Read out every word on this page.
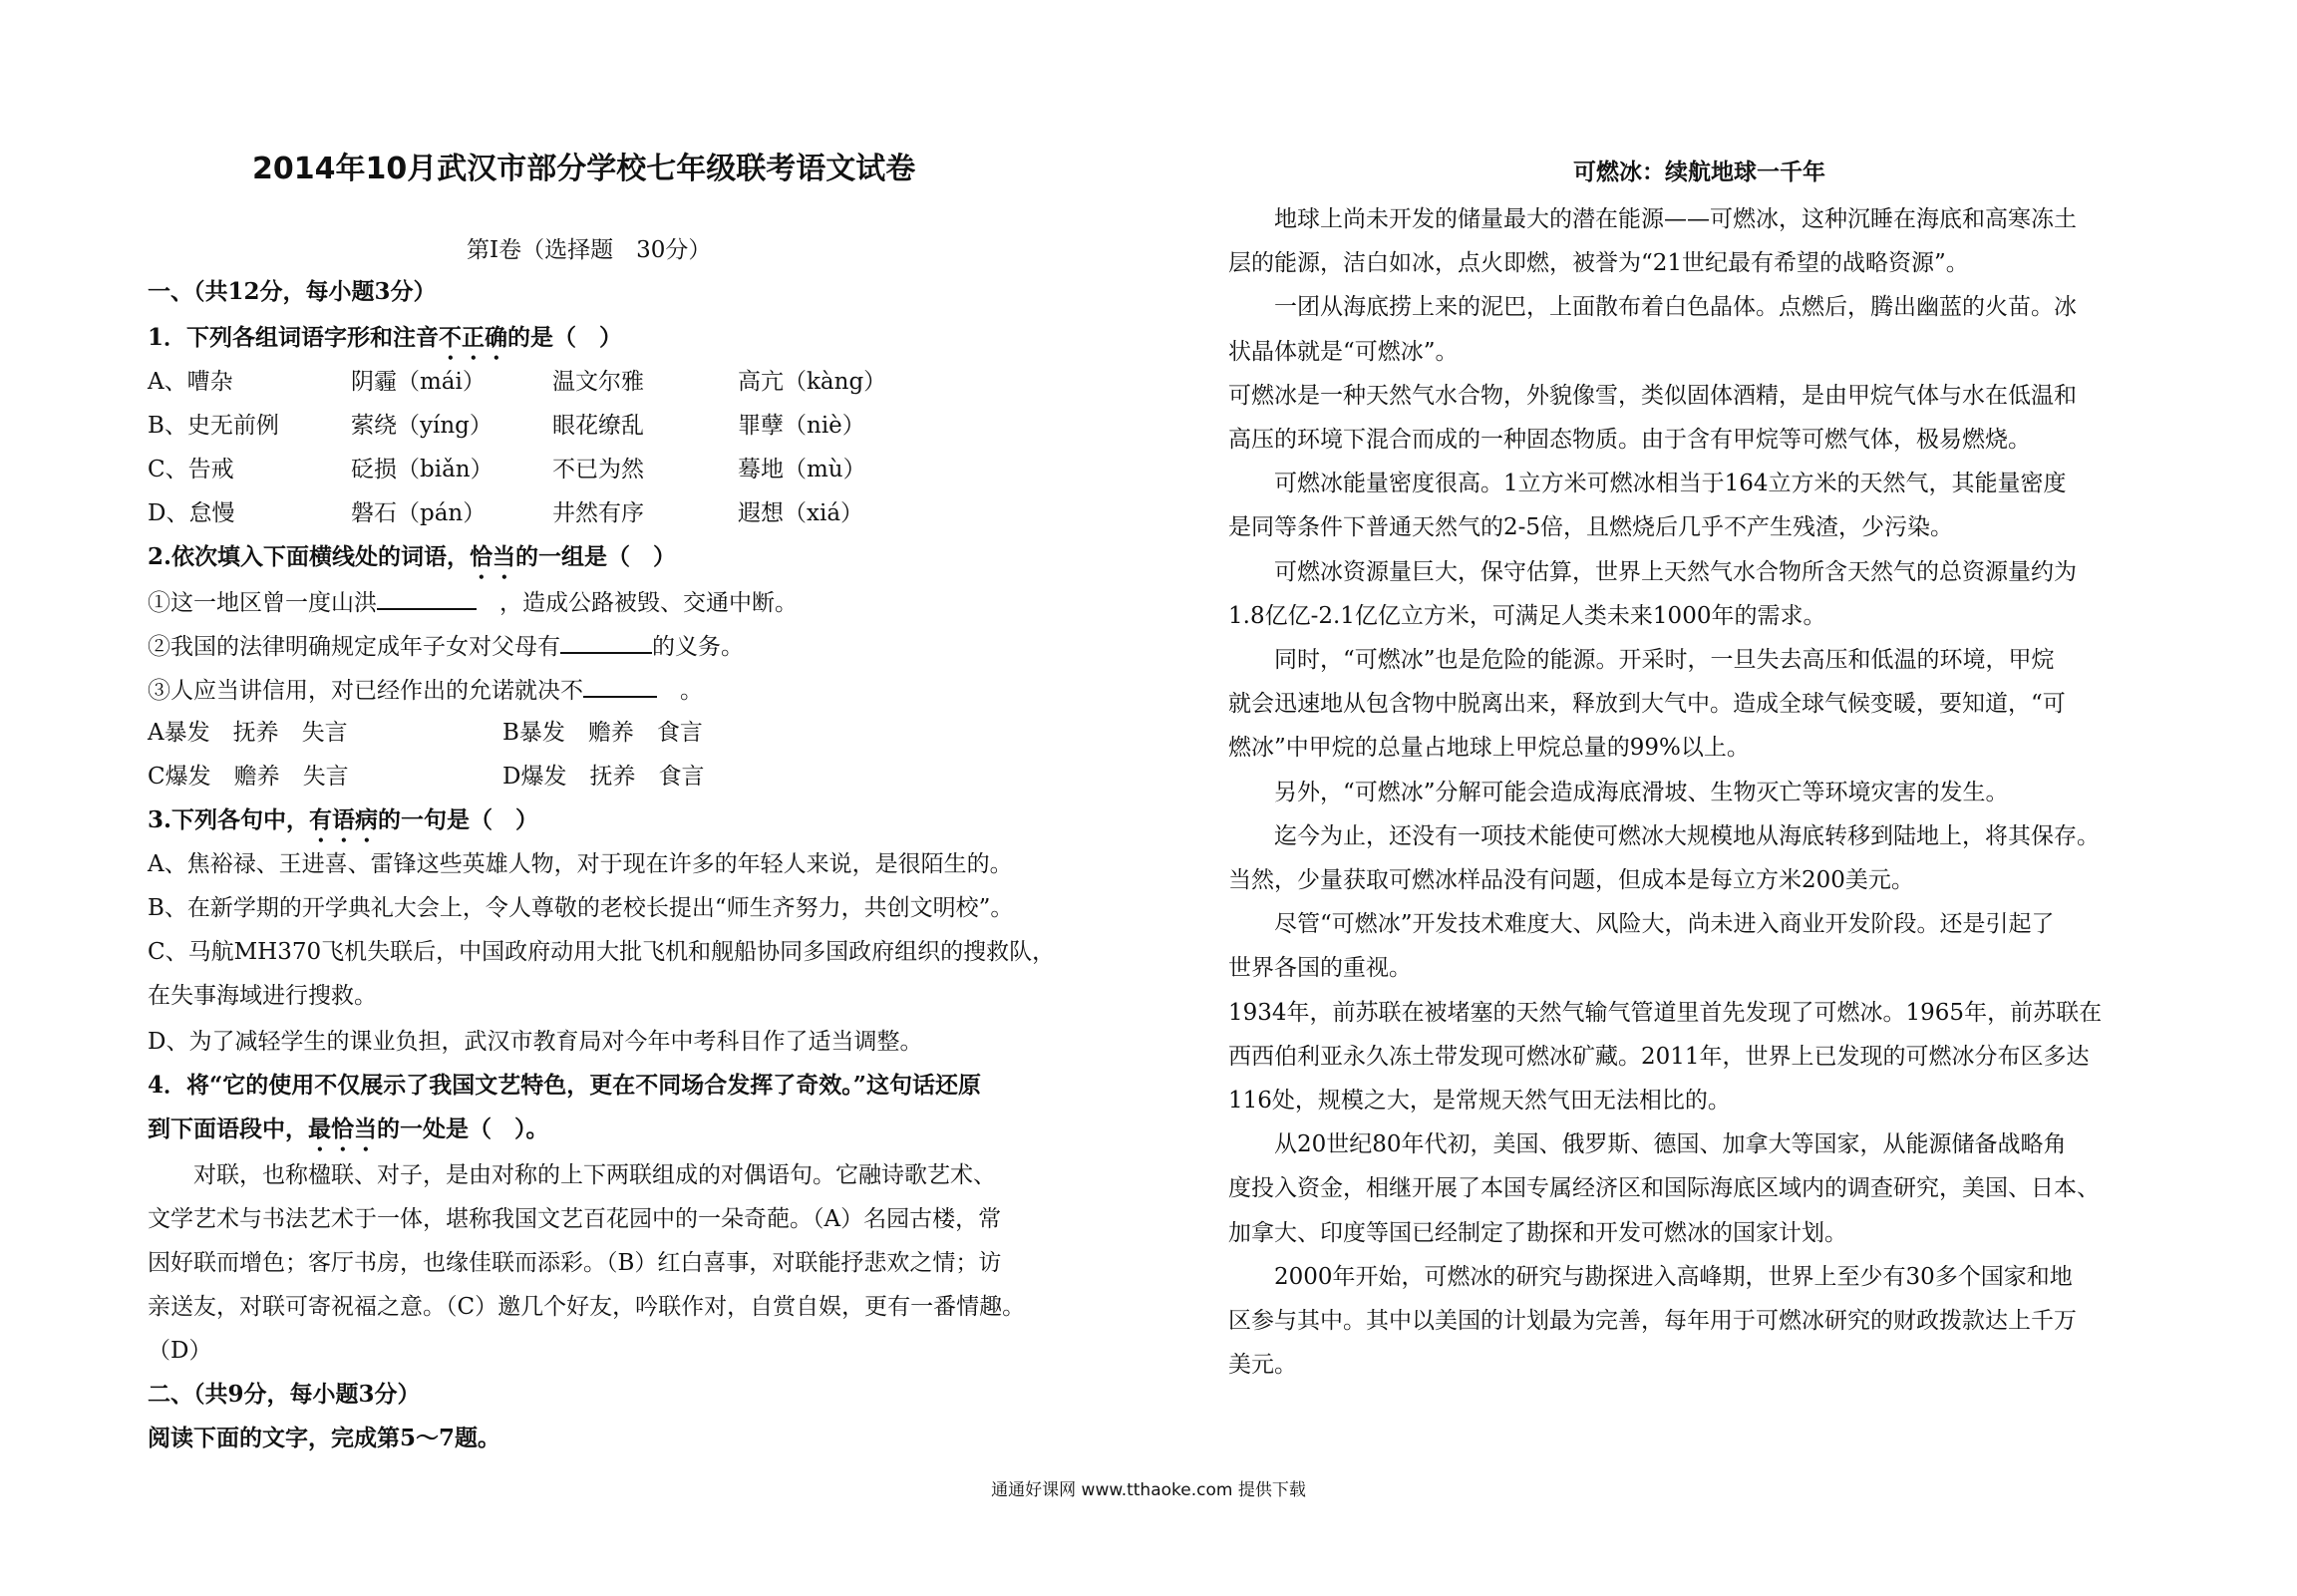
2014年10月武汉市部分学校七年级联考语文试卷
第Ⅰ卷（选择题　30分）
一、（共12分，每小题3分）
1．下列各组词语字形和注音不正确的是（　）
A、嘈杂	阴霾（mái）	温文尔雅	高亢（kàng）
B、史无前例	萦绕（yíng）	眼花缭乱	罪孽（niè）
C、告戒	砭损（biǎn）	不已为然	蓦地（mù）
D、怠慢	磐石（pán）	井然有序	遐想（xiá）
2.依次填入下面横线处的词语，恰当的一组是（　）
①这一地区曾一度山洪　	，造成公路被毁、交通中断。
②我国的法律明确规定成年子女对父母有	的义务。
③人应当讲信用，对已经作出的允诺就决不　	。
A暴发　抚养　失言	B暴发　赡养　食言
C爆发　赡养　失言	D爆发　抚养　食言
3.下列各句中，有语病的一句是（　）
A、焦裕禄、王进喜、雷锋这些英雄人物，对于现在许多的年轻人来说，是很陌生的。
B、在新学期的开学典礼大会上，令人尊敬的老校长提出“师生齐努力，共创文明校”。
C、马航MH370飞机失联后，中国政府动用大批飞机和舰船协同多国政府组织的搜救队，
在失事海域进行搜救。
D、为了减轻学生的课业负担，武汉市教育局对今年中考科目作了适当调整。
4．将“它的使用不仅展示了我国文艺特色，更在不同场合发挥了奇效。”这句话还原
到下面语段中，最恰当的一处是（　）。
　　对联，也称楹联、对子，是由对称的上下两联组成的对偶语句。它融诗歌艺术、
文学艺术与书法艺术于一体，堪称我国文艺百花园中的一朵奇葩。（A）名园古楼，常
因好联而增色；客厅书房，也缘佳联而添彩。（B）红白喜事，对联能抒悲欢之情；访
亲送友，对联可寄祝福之意。（C）邀几个好友，吟联作对，自赏自娱，更有一番情趣。
（D）
二、（共9分，每小题3分）
阅读下面的文字，完成第5～7题。
可燃冰：续航地球一千年
　　地球上尚未开发的储量最大的潜在能源——可燃冰，这种沉睡在海底和高寒冻土
层的能源，洁白如冰，点火即燃，被誉为“21世纪最有希望的战略资源”。
　　一团从海底捞上来的泥巴，上面散布着白色晶体。点燃后，腾出幽蓝的火苗。冰
状晶体就是“可燃冰”。
可燃冰是一种天然气水合物，外貌像雪，类似固体酒精，是由甲烷气体与水在低温和
高压的环境下混合而成的一种固态物质。由于含有甲烷等可燃气体，极易燃烧。
　　可燃冰能量密度很高。1立方米可燃冰相当于164立方米的天然气，其能量密度
是同等条件下普通天然气的2-5倍，且燃烧后几乎不产生残渣，少污染。
　　可燃冰资源量巨大，保守估算，世界上天然气水合物所含天然气的总资源量约为
1.8亿亿-2.1亿亿立方米，可满足人类未来1000年的需求。
　　同时，“可燃冰”也是危险的能源。开采时，一旦失去高压和低温的环境，甲烷
就会迅速地从包含物中脱离出来，释放到大气中。造成全球气候变暖，要知道，“可
燃冰”中甲烷的总量占地球上甲烷总量的99%以上。
　　另外，“可燃冰”分解可能会造成海底滑坡、生物灭亡等环境灾害的发生。
　　迄今为止，还没有一项技术能使可燃冰大规模地从海底转移到陆地上，将其保存。
当然，少量获取可燃冰样品没有问题，但成本是每立方米200美元。
　　尽管“可燃冰”开发技术难度大、风险大，尚未进入商业开发阶段。还是引起了
世界各国的重视。
1934年，前苏联在被堵塞的天然气输气管道里首先发现了可燃冰。1965年，前苏联在
西西伯利亚永久冻土带发现可燃冰矿藏。2011年，世界上已发现的可燃冰分布区多达
116处，规模之大，是常规天然气田无法相比的。
　　从20世纪80年代初，美国、俄罗斯、德国、加拿大等国家，从能源储备战略角
度投入资金，相继开展了本国专属经济区和国际海底区域内的调查研究，美国、日本、
加拿大、印度等国已经制定了勘探和开发可燃冰的国家计划。
　　2000年开始，可燃冰的研究与勘探进入高峰期，世界上至少有30多个国家和地
区参与其中。其中以美国的计划最为完善，每年用于可燃冰研究的财政拨款达上千万
美元。
通通好课网 www.tthaoke.com 提供下载
